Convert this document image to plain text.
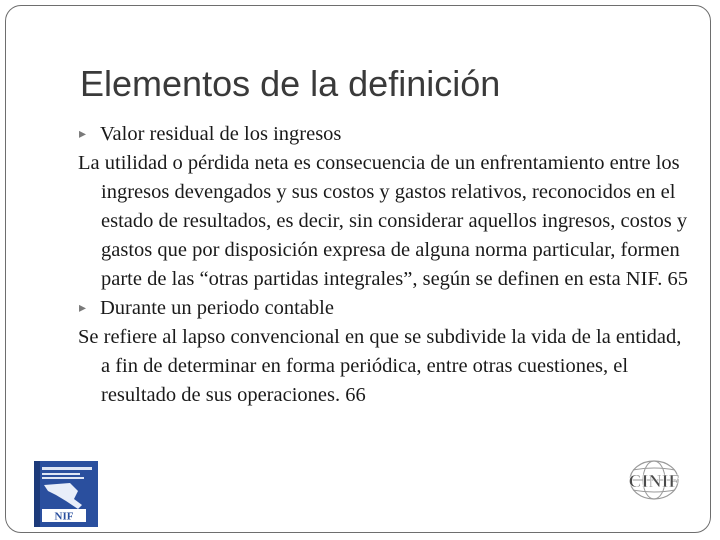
Elementos de la definición
▸ Valor residual de los ingresos
La utilidad o pérdida neta es consecuencia de un enfrentamiento entre los ingresos devengados y sus costos y gastos relativos, reconocidos en el estado de resultados, es decir, sin considerar aquellos ingresos, costos y gastos que por disposición expresa de alguna norma particular, formen parte de las “otras partidas integrales”, según se definen en esta NIF. 65
▸ Durante un periodo contable
Se refiere al lapso convencional en que se subdivide la vida de la entidad, a fin de determinar en forma periódica, entre otras cuestiones, el resultado de sus operaciones. 66
NIF
CINIF
